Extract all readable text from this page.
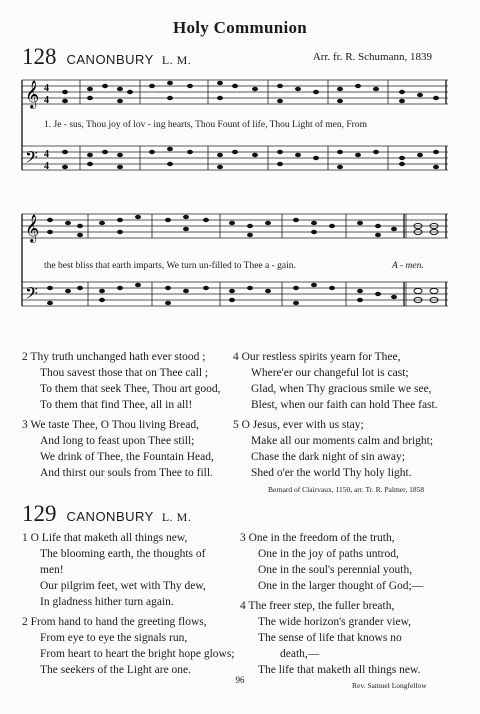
Holy Communion
128 CANONBURY L. M.	Arr. fr. R. Schumann, 1839
𝄞
𝄢
4
4
4
4
1. Je - sus, Thou joy of lov - ing hearts, Thou Fount of life, Thou Light of men, From
𝄞
𝄢
the best bliss that earth imparts, We turn un-filled to Thee a - gain.	A - men.
2 Thy truth unchanged hath ever stood ;
Thou savest those that on Thee call ;
To them that seek Thee, Thou art good,
To them that find Thee, all in all!
3 We taste Thee, O Thou living Bread,
And long to feast upon Thee still;
We drink of Thee, the Fountain Head,
And thirst our souls from Thee to fill.
4 Our restless spirits yearn for Thee,
Where'er our changeful lot is cast;
Glad, when Thy gracious smile we see,
Blest, when our faith can hold Thee fast.
5 O Jesus, ever with us stay;
Make all our moments calm and bright;
Chase the dark night of sin away;
Shed o'er the world Thy holy light.
Bernard of Clairvaux, 1150, arr. Tr. R. Palmer, 1858
129 CANONBURY L. M.
1 O Life that maketh all things new,
The blooming earth, the thoughts of
men!
Our pilgrim feet, wet with Thy dew,
In gladness hither turn again.
2 From hand to hand the greeting flows,
From eye to eye the signals run,
From heart to heart the bright hope glows;
The seekers of the Light are one.
3 One in the freedom of the truth,
One in the joy of paths untrod,
One in the soul's perennial youth,
One in the larger thought of God;—
4 The freer step, the fuller breath,
The wide horizon's grander view,
The sense of life that knows no
death,—
The life that maketh all things new.
Rev. Samuel Longfellow
96
